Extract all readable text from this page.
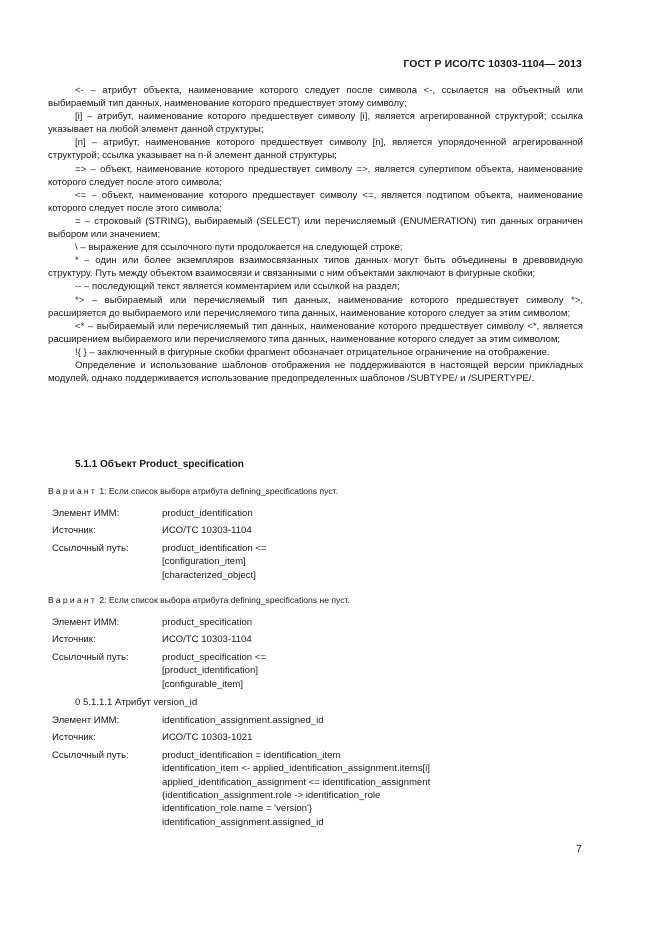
ГОСТ Р ИСО/ТС 10303-1104— 2013

<- – атрибут объекта, наименование которого следует после символа <-, ссылается на объектный или выбираемый тип данных, наименование которого предшествует этому символу;

[i] – атрибут, наименование которого предшествует символу [i], является агрегированной структурой; ссылка указывает на любой элемент данной структуры;

[n] – атрибут, наименование которого предшествует символу [n], является упорядоченной агрегированной структурой; ссылка указывает на n-й элемент данной структуры;

=> – объект, наименование которого предшествует символу =>, является супертипом объекта, наименование которого следует после этого символа;

<= – объект, наименование которого предшествует символу <=, является подтипом объекта, наименование которого следует после этого символа;

= – строковый (STRING), выбираемый (SELECT) или перечисляемый (ENUMERATION) тип данных ограничен выбором или значением;

\ – выражение для ссылочного пути продолжается на следующей строке;

* – один или более экземпляров взаимосвязанных типов данных могут быть объединены в древовидную структуру. Путь между объектом взаимосвязи и связанными с ним объектами заключают в фигурные скобки;

-- – последующий текст является комментарием или ссылкой на раздел;

*> – выбираемый или перечисляемый тип данных, наименование которого предшествует символу *>, расширяется до выбираемого или перечисляемого типа данных, наименование которого следует за этим символом;

<* – выбираемый или перечисляемый тип данных, наименование которого предшествует символу <*, является расширением выбираемого или перечисляемого типа данных, наименование которого следует за этим символом;

!{ } – заключенный в фигурные скобки фрагмент обозначает отрицательное ограничение на отображение.

Определение и использование шаблонов отображения не поддерживаются в настоящей версии прикладных модулей, однако поддерживается использование предопределенных шаблонов /SUBTYPE/ и /SUPERTYPE/.

5.1.1 Объект Product_specification
Вариант 1: Если список выбора атрибута defining_specifications пуст.
Элемент ИММ:	product_identification
Источник:	ИСО/ТС 10303-1104
Ссылочный путь:	product_identification <=
[configuration_item]
[characterized_object]
Вариант 2: Если список выбора атрибута defining_specifications не пуст.
Элемент ИММ:	product_specification
Источник:	ИСО/ТС 10303-1104
Ссылочный путь:	product_specification <=
[product_identification]
[configurable_item]
0 5.1.1.1 Атрибут version_id
Элемент ИММ:	identification_assignment.assigned_id
Источник:	ИСО/ТС 10303-1021
Ссылочный путь:	product_identification = identification_item
identification_item <- applied_identification_assignment.items[i]
applied_identification_assignment <= identification_assignment
{identification_assignment.role -> identification_role
identification_role.name = 'version'}
identification_assignment.assigned_id
7
